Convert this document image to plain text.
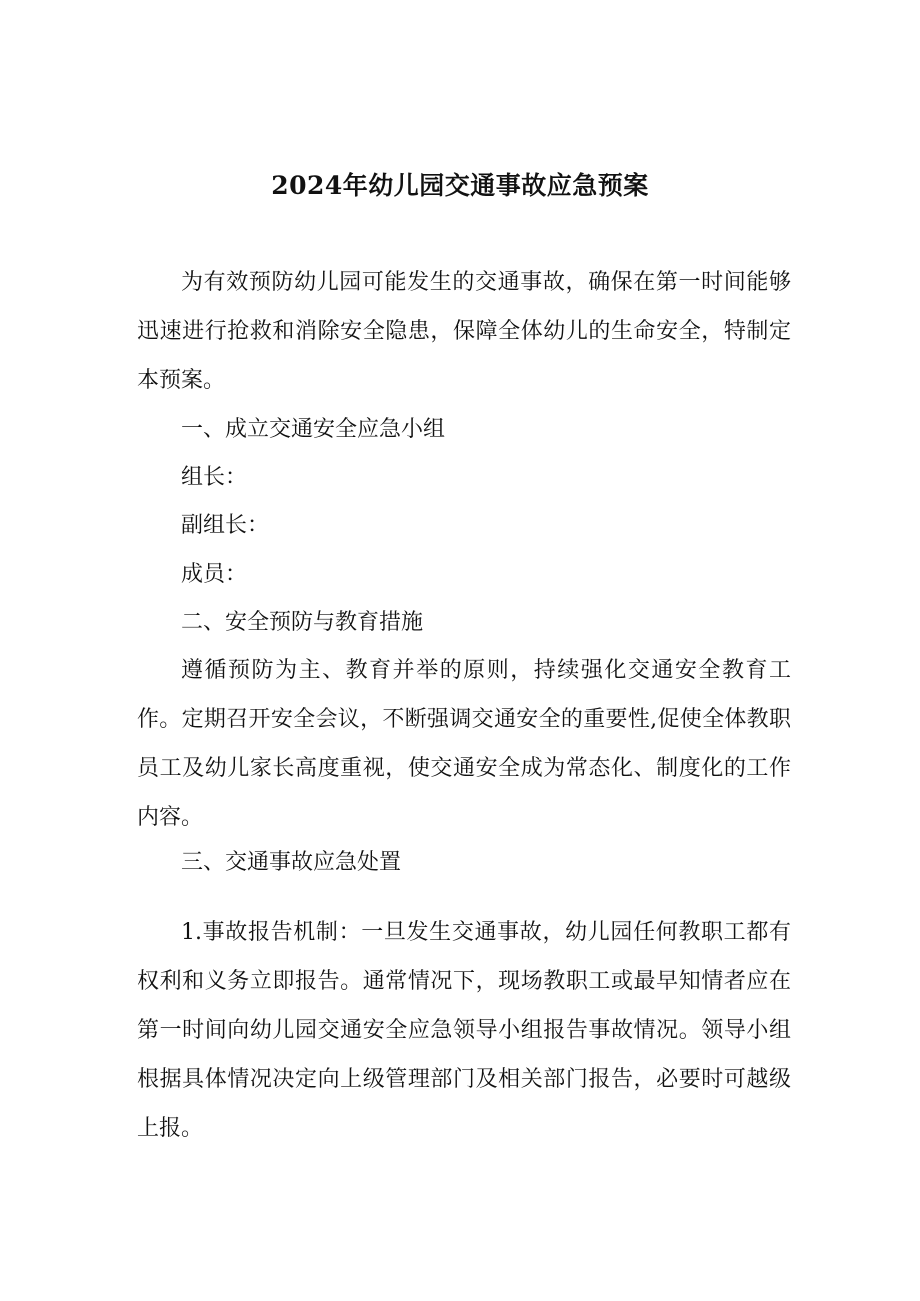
2024年幼儿园交通事故应急预案

为有效预防幼儿园可能发生的交通事故，确保在第一时间能够迅速进行抢救和消除安全隐患，保障全体幼儿的生命安全，特制定本预案。

一、成立交通安全应急小组

组长：

副组长：

成员：

二、安全预防与教育措施

遵循预防为主、教育并举的原则，持续强化交通安全教育工作。定期召开安全会议，不断强调交通安全的重要性,促使全体教职员工及幼儿家长高度重视，使交通安全成为常态化、制度化的工作内容。

三、交通事故应急处置

1.事故报告机制：一旦发生交通事故，幼儿园任何教职工都有权利和义务立即报告。通常情况下，现场教职工或最早知情者应在第一时间向幼儿园交通安全应急领导小组报告事故情况。领导小组根据具体情况决定向上级管理部门及相关部门报告，必要时可越级上报。
